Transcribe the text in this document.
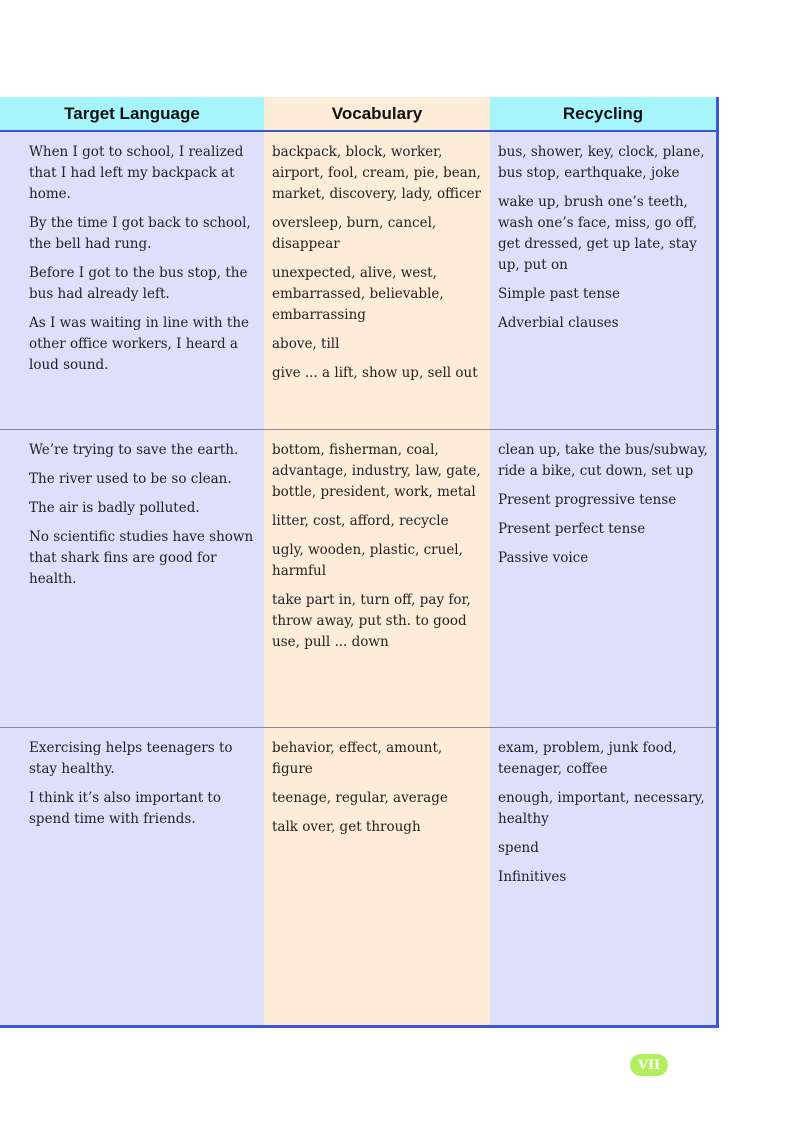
Target Language	Vocabulary	Recycling

When I got to school, I realized that I had left my backpack at home.

By the time I got back to school, the bell had rung.

Before I got to the bus stop, the bus had already left.

As I was waiting in line with the other office workers, I heard a loud sound.

backpack, block, worker, airport, fool, cream, pie, bean, market, discovery, lady, officer

oversleep, burn, cancel, disappear

unexpected, alive, west, embarrassed, believable, embarrassing

above, till

give ... a lift, show up, sell out

bus, shower, key, clock, plane, bus stop, earthquake, joke

wake up, brush one’s teeth, wash one’s face, miss, go off, get dressed, get up late, stay up, put on

Simple past tense

Adverbial clauses

We’re trying to save the earth.

The river used to be so clean.

The air is badly polluted.

No scientific studies have shown that shark fins are good for health.

bottom, fisherman, coal, advantage, industry, law, gate, bottle, president, work, metal

litter, cost, afford, recycle

ugly, wooden, plastic, cruel, harmful

take part in, turn off, pay for, throw away, put sth. to good use, pull ... down

clean up, take the bus/subway, ride a bike, cut down, set up

Present progressive tense

Present perfect tense

Passive voice

Exercising helps teenagers to stay healthy.

I think it’s also important to spend time with friends.

behavior, effect, amount, figure

teenage, regular, average

talk over, get through

exam, problem, junk food, teenager, coffee

enough, important, necessary, healthy

spend

Infinitives

VII
